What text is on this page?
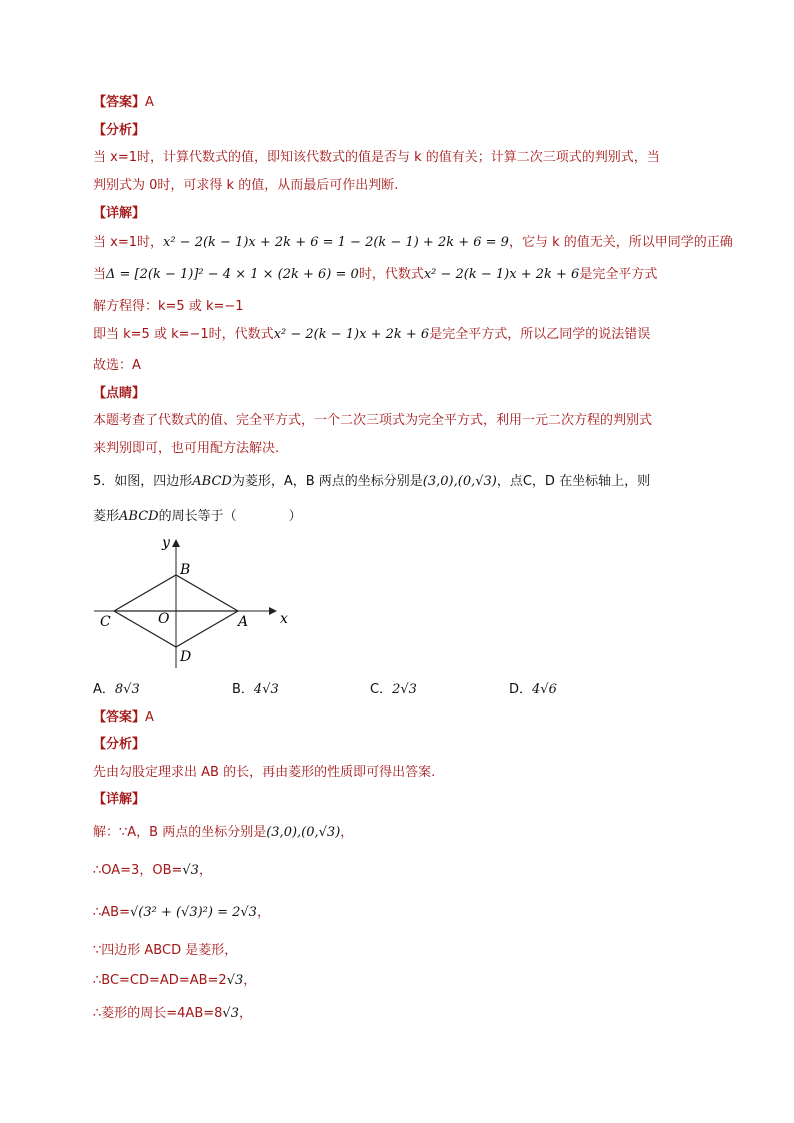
【答案】A
【分析】
当 x=1时，计算代数式的值，即知该代数式的值是否与 k 的值有关；计算二次三项式的判别式，当
判别式为 0时，可求得 k 的值，从而最后可作出判断.
【详解】
当 x=1时，x² − 2(k − 1)x + 2k + 6 = 1 − 2(k − 1) + 2k + 6 = 9，它与 k 的值无关，所以甲同学的正确
当Δ = [2(k − 1)]² − 4 × 1 × (2k + 6) = 0时，代数式x² − 2(k − 1)x + 2k + 6是完全平方式
解方程得：k=5 或 k=−1
即当 k=5 或 k=−1时，代数式x² − 2(k − 1)x + 2k + 6是完全平方式，所以乙同学的说法错误
故选：A
【点睛】
本题考查了代数式的值、完全平方式，一个二次三项式为完全平方式，利用一元二次方程的判别式
来判别即可，也可用配方法解决.
5．如图，四边形ABCD为菱形，A，B 两点的坐标分别是(3,0),(0,√3)，点C，D 在坐标轴上，则
菱形ABCD的周长等于（　　　　）
y
x
B
C	O	A
D
A．8√3	B．4√3	C．2√3	D．4√6
【答案】A
【分析】
先由勾股定理求出 AB 的长，再由菱形的性质即可得出答案.
【详解】
解：∵A，B 两点的坐标分别是(3,0),(0,√3)，
∴OA=3，OB=√3，
∴AB=√(3² + (√3)²) = 2√3，
∵四边形 ABCD 是菱形，
∴BC=CD=AD=AB=2√3，
∴菱形的周长=4AB=8√3，
